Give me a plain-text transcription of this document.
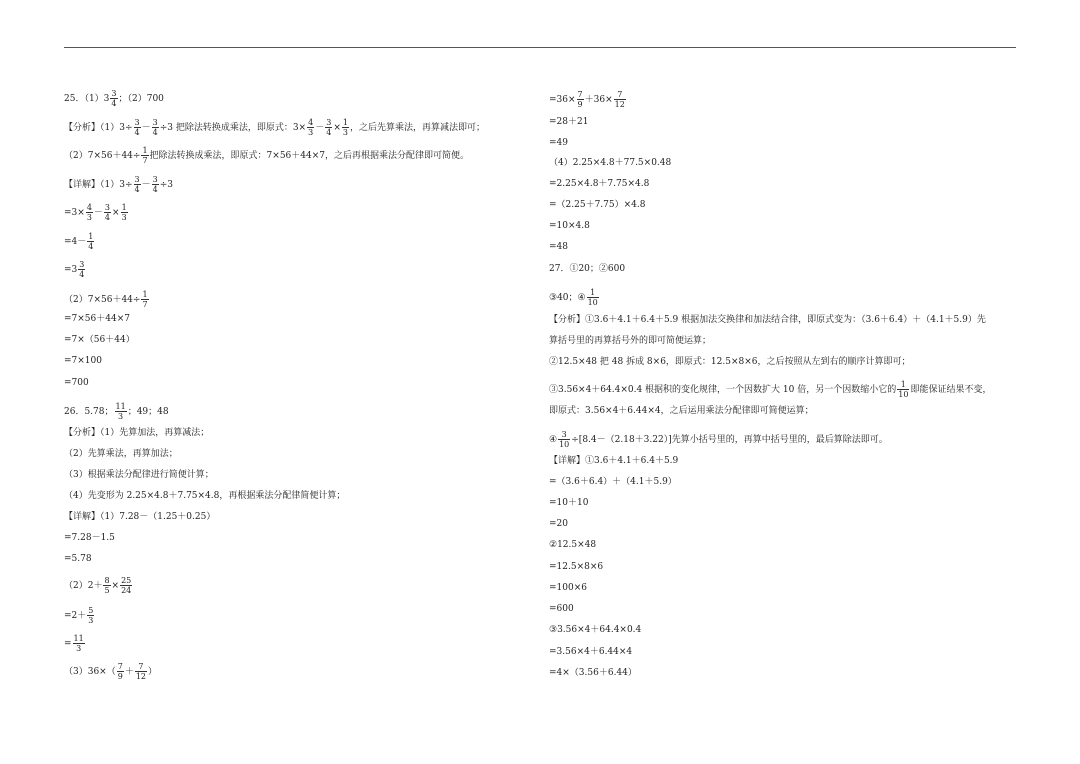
25．$(1)3 \frac{3}{4}$ ；（2）700
【分析】$(1)3\div \frac{3}{4} - \frac{3}{4} \div 3$ 把除法转换成乘法，即原式：$3\times \frac{4}{3} - \frac{3}{4} \times \frac{1}{3}$ ，之后先算乘法，再算减法即可；
$(2)7\times 56+44\div \frac{1}{7}$ 把除法转换成乘法，即原式：7×56＋44×7，之后再根据乘法分配律即可简便。
【详解】$(1)3\div \frac{3}{4} - \frac{3}{4} \div 3$
$=3\times \frac{4}{3} - \frac{3}{4} \times \frac{1}{3}$
$=4- \frac{1}{4}$
$=3 \frac{3}{4}$
$(2)7\times 56+44\div \frac{1}{7}$
=7×56＋44×7
=7×（56＋44）
=7×100
=700
26．5.78； $\frac{11}{3}$ ；49；48
【分析】（1）先算加法，再算减法；
（2）先算乘法，再算加法；
（3）根据乘法分配律进行简便计算；
（4）先变形为 2.25×4.8＋7.75×4.8，再根据乘法分配律简便计算；
【详解】（1）7.28－（1.25＋0.25）
=7.28－1.5
=5.78
$(2)2+ \frac{8}{5} \times \frac{25}{24}$
$=2+ \frac{5}{3}$
= $\frac{11}{3}$
$(3)36\times( \frac{7}{9} + \frac{7}{12}$ ）
$=36\times \frac{7}{9} +36\times \frac{7}{12}$
=28＋21
=49
（4）2.25×4.8＋77.5×0.48
=2.25×4.8＋7.75×4.8
=（2.25＋7.75）×4.8
=10×4.8
=48
27．①20；②600
③40；④ $\frac{1}{10}$
【分析】①3.6＋4.1＋6.4＋5.9 根据加法交换律和加法结合律，即原式变为：（3.6＋6.4）＋（4.1＋5.9）先
算括号里的再算括号外的即可简便运算；
②12.5×48 把 48 拆成 8×6，即原式：12.5×8×6，之后按照从左到右的顺序计算即可；
③3.56×4＋64.4×0.4 根据积的变化规律，一个因数扩大 10 倍，另一个因数缩小它的 $\frac{1}{10}$ 即能保证结果不变，
即原式：3.56×4＋6.44×4，之后运用乘法分配律即可简便运算；
④ $\frac{3}{10} \div[8.4-(2.18+3.22)]$先算小括号里的，再算中括号里的，最后算除法即可。
【详解】①3.6＋4.1＋6.4＋5.9
=（3.6＋6.4）＋（4.1＋5.9）
=10＋10
=20
②12.5×48
=12.5×8×6
=100×6
=600
③3.56×4＋64.4×0.4
=3.56×4＋6.44×4
=4×（3.56＋6.44）
